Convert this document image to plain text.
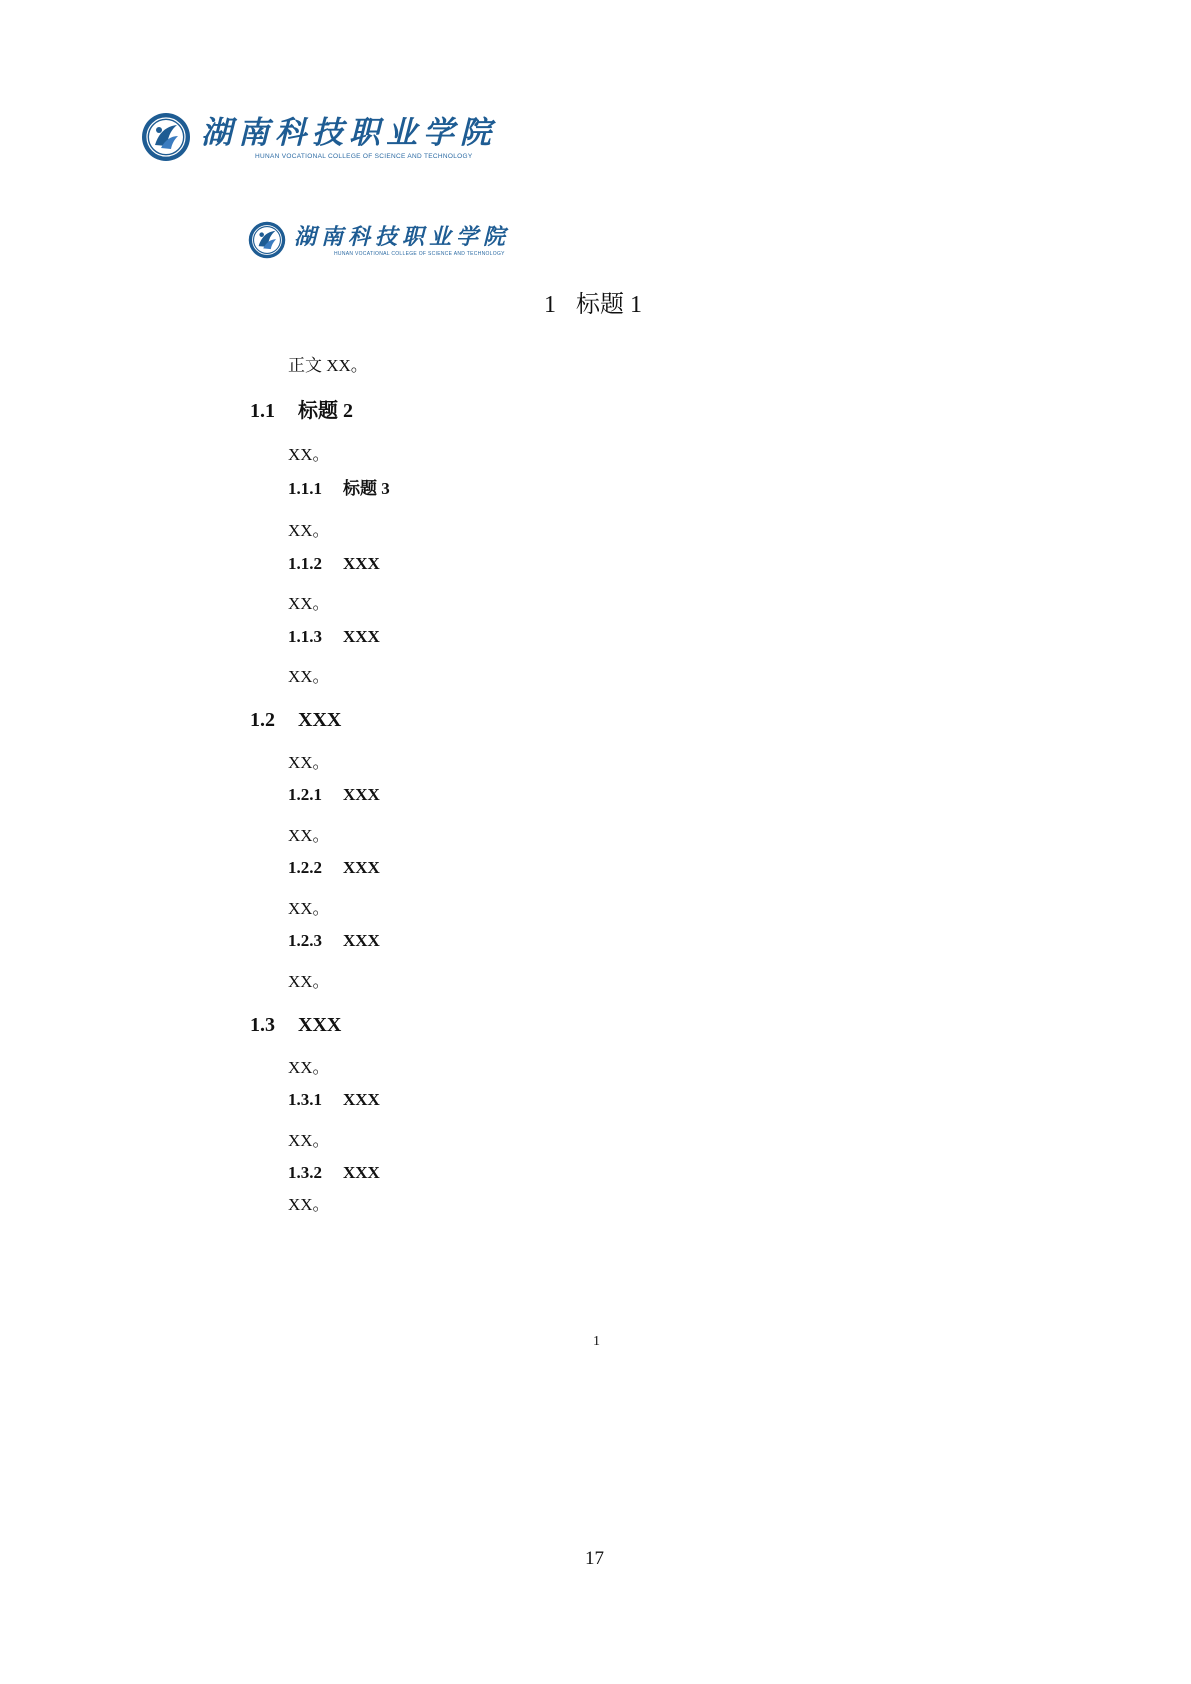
湖南科技职业学院
HUNAN VOCATIONAL COLLEGE OF SCIENCE AND TECHNOLOGY
湖南科技职业学院
HUNAN VOCATIONAL COLLEGE OF SCIENCE AND TECHNOLOGY
1 标题 1
正文 XX。
1.1 标题 2
XX。
1.1.1 标题 3
XX。
1.1.2 XXX
XX。
1.1.3 XXX
XX。
1.2 XXX
XX。
1.2.1 XXX
XX。
1.2.2 XXX
XX。
1.2.3 XXX
XX。
1.3 XXX
XX。
1.3.1 XXX
XX。
1.3.2 XXX
XX。
1
17
